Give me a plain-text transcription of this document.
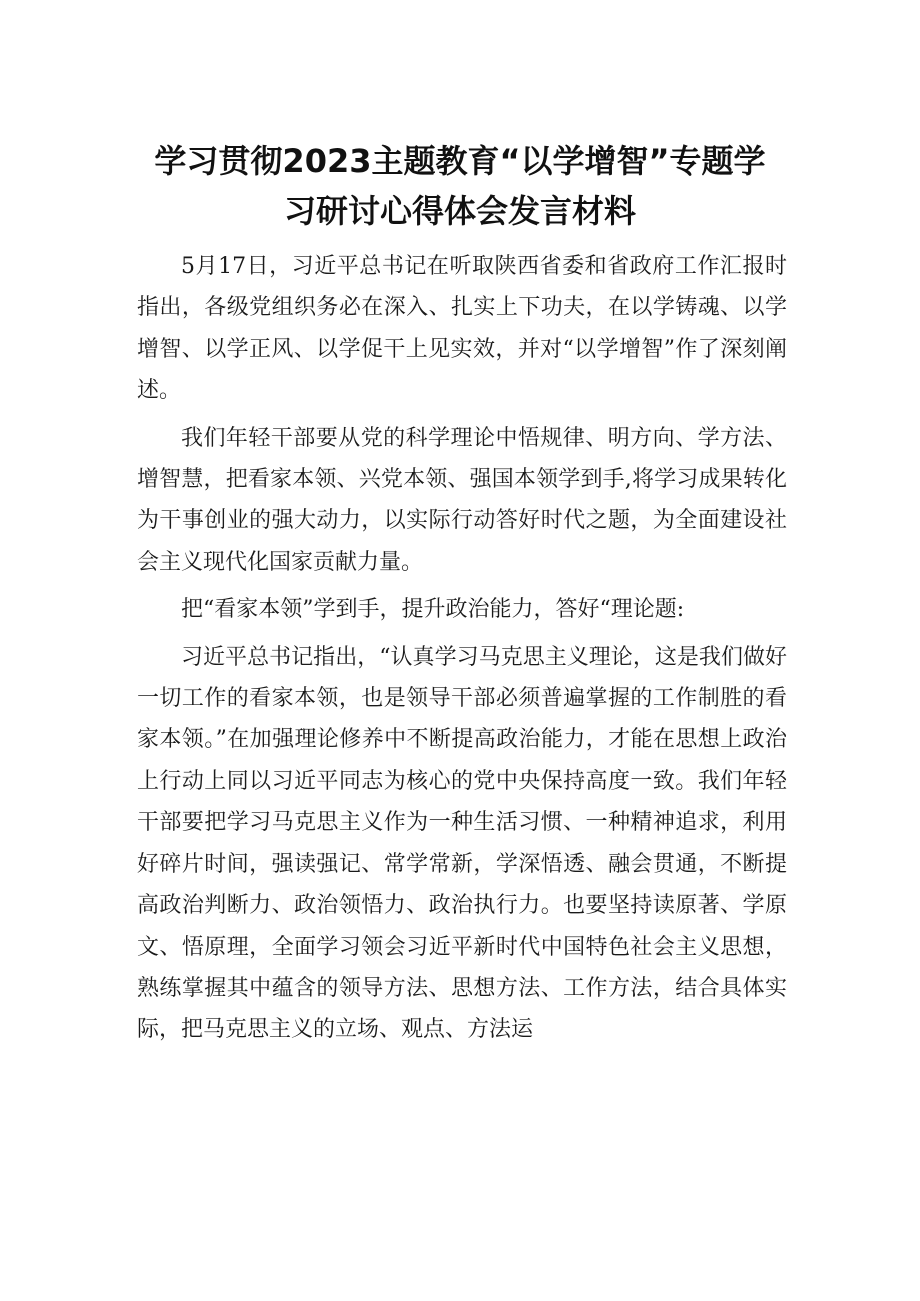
学习贯彻2023主题教育“以学增智”专题学
习研讨心得体会发言材料

5月17日，习近平总书记在听取陕西省委和省政府工作汇报时指出，各级党组织务必在深入、扎实上下功夫，在以学铸魂、以学增智、以学正风、以学促干上见实效，并对“以学增智”作了深刻阐述。

我们年轻干部要从党的科学理论中悟规律、明方向、学方法、增智慧，把看家本领、兴党本领、强国本领学到手,将学习成果转化为干事创业的强大动力，以实际行动答好时代之题，为全面建设社会主义现代化国家贡献力量。

把“看家本领”学到手，提升政治能力，答好“理论题:

习近平总书记指出，“认真学习马克思主义理论，这是我们做好一切工作的看家本领，也是领导干部必须普遍掌握的工作制胜的看家本领。”在加强理论修养中不断提高政治能力，才能在思想上政治上行动上同以习近平同志为核心的党中央保持高度一致。我们年轻干部要把学习马克思主义作为一种生活习惯、一种精神追求，利用好碎片时间，强读强记、常学常新，学深悟透、融会贯通，不断提高政治判断力、政治领悟力、政治执行力。也要坚持读原著、学原文、悟原理，全面学习领会习近平新时代中国特色社会主义思想，熟练掌握其中蕴含的领导方法、思想方法、工作方法，结合具体实际，把马克思主义的立场、观点、方法运
